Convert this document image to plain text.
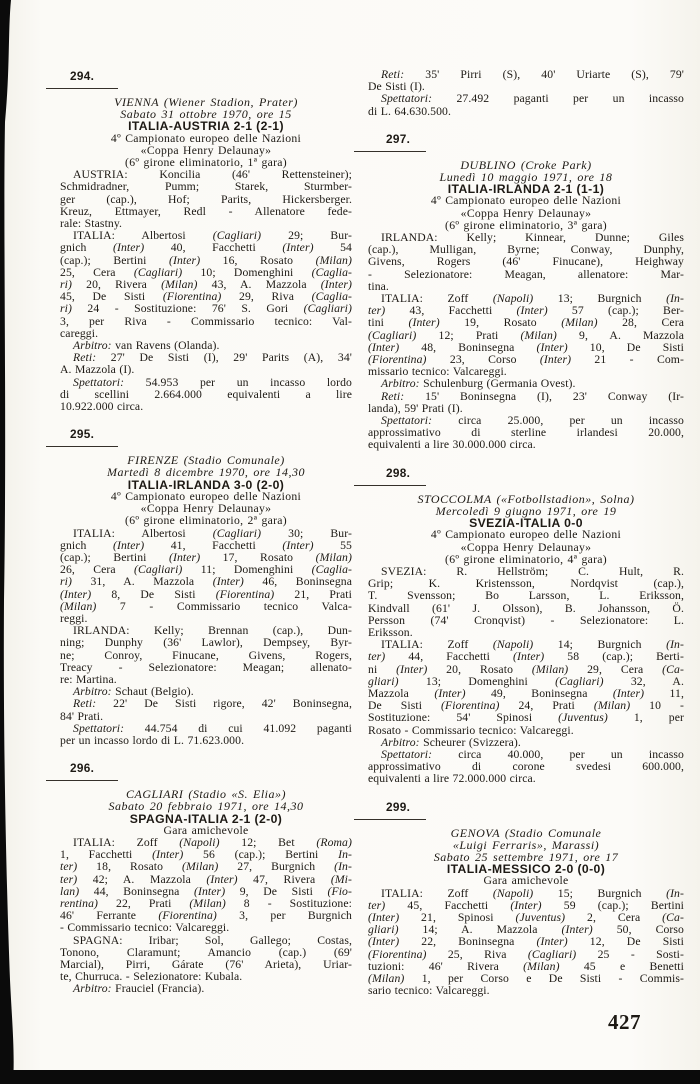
294.
VIENNA (Wiener Stadion, Prater)
Sabato 31 ottobre 1970, ore 15
ITALIA-AUSTRIA 2-1 (2-1)
4º Campionato europeo delle Nazioni
«Coppa Henry Delaunay»
(6º girone eliminatorio, 1ª gara)
AUSTRIA: Koncilia (46' Rettensteiner);
Schmidradner, Pumm; Starek, Sturmber-
ger (cap.), Hof; Parits, Hickersberger.
Kreuz, Ettmayer, Redl - Allenatore fede-
rale: Stastny.
ITALIA: Albertosi (Cagliari) 29; Bur-
gnich (Inter) 40, Facchetti (Inter) 54
(cap.); Bertini (Inter) 16, Rosato (Milan)
25, Cera (Cagliari) 10; Domenghini (Caglia-
ri) 20, Rivera (Milan) 43, A. Mazzola (Inter)
45, De Sisti (Fiorentina) 29, Riva (Caglia-
ri) 24 - Sostituzione: 76' S. Gori (Cagliari)
3, per Riva - Commissario tecnico: Val-
careggi.
Arbitro: van Ravens (Olanda).
Reti: 27' De Sisti (I), 29' Parits (A), 34'
A. Mazzola (I).
Spettatori: 54.953 per un incasso lordo
di scellini 2.664.000 equivalenti a lire
10.922.000 circa.
295.
FIRENZE (Stadio Comunale)
Martedì 8 dicembre 1970, ore 14,30
ITALIA-IRLANDA 3-0 (2-0)
4º Campionato europeo delle Nazioni
«Coppa Henry Delaunay»
(6º girone eliminatorio, 2ª gara)
ITALIA: Albertosi (Cagliari) 30; Bur-
gnich (Inter) 41, Facchetti (Inter) 55
(cap.); Bertini (Inter) 17, Rosato (Milan)
26, Cera (Cagliari) 11; Domenghini (Caglia-
ri) 31, A. Mazzola (Inter) 46, Boninsegna
(Inter) 8, De Sisti (Fiorentina) 21, Prati
(Milan) 7 - Commissario tecnico Valca-
reggi.
IRLANDA: Kelly; Brennan (cap.), Dun-
ning; Dunphy (36' Lawlor), Dempsey, Byr-
ne; Conroy, Finucane, Givens, Rogers,
Treacy - Selezionatore: Meagan; allenato-
re: Martina.
Arbitro: Schaut (Belgio).
Reti: 22' De Sisti rigore, 42' Boninsegna,
84' Prati.
Spettatori: 44.754 di cui 41.092 paganti
per un incasso lordo di L. 71.623.000.
296.
CAGLIARI (Stadio «S. Elia»)
Sabato 20 febbraio 1971, ore 14,30
SPAGNA-ITALIA 2-1 (2-0)
Gara amichevole
ITALIA: Zoff (Napoli) 12; Bet (Roma)
1, Facchetti (Inter) 56 (cap.); Bertini In-
ter) 18, Rosato (Milan) 27, Burgnich (In-
ter) 42; A. Mazzola (Inter) 47, Rivera (Mi-
lan) 44, Boninsegna (Inter) 9, De Sisti (Fio-
rentina) 22, Prati (Milan) 8 - Sostituzione:
46' Ferrante (Fiorentina) 3, per Burgnich
- Commissario tecnico: Valcareggi.
SPAGNA: Iribar; Sol, Gallego; Costas,
Tonono, Claramunt; Amancio (cap.) (69'
Marcial), Pirri, Gárate (76' Arieta), Uriar-
te, Churruca. - Selezionatore: Kubala.
Arbitro: Frauciel (Francia).
Reti: 35' Pirri (S), 40' Uriarte (S), 79'
De Sisti (I).
Spettatori: 27.492 paganti per un incasso
di L. 64.630.500.
297.
DUBLINO (Croke Park)
Lunedì 10 maggio 1971, ore 18
ITALIA-IRLANDA 2-1 (1-1)
4º Campionato europeo delle Nazioni
«Coppa Henry Delaunay»
(6º girone eliminatorio, 3ª gara)
IRLANDA: Kelly; Kinnear, Dunne; Giles
(cap.), Mulligan, Byrne; Conway, Dunphy,
Givens, Rogers (46' Finucane), Heighway
- Selezionatore: Meagan, allenatore: Mar-
tina.
ITALIA: Zoff (Napoli) 13; Burgnich (In-
ter) 43, Facchetti (Inter) 57 (cap.); Ber-
tini (Inter) 19, Rosato (Milan) 28, Cera
(Cagliari) 12; Prati (Milan) 9, A. Mazzola
(Inter) 48, Boninsegna (Inter) 10, De Sisti
(Fiorentina) 23, Corso (Inter) 21 - Com-
missario tecnico: Valcareggi.
Arbitro: Schulenburg (Germania Ovest).
Reti: 15' Boninsegna (I), 23' Conway (Ir-
landa), 59' Prati (I).
Spettatori: circa 25.000, per un incasso
approssimativo di sterline irlandesi 20.000,
equivalenti a lire 30.000.000 circa.
298.
STOCCOLMA («Fotbollstadion», Solna)
Mercoledì 9 giugno 1971, ore 19
SVEZIA-ITALIA 0-0
4º Campionato europeo delle Nazioni
«Coppa Henry Delaunay»
(6º girone eliminatorio, 4ª gara)
SVEZIA: R. Hellström; C. Hult, R.
Grip; K. Kristensson, Nordqvist (cap.),
T. Svensson; Bo Larsson, L. Eriksson,
Kindvall (61' J. Olsson), B. Johansson, Ö.
Persson (74' Cronqvist) - Selezionatore: L.
Eriksson.
ITALIA: Zoff (Napoli) 14; Burgnich (In-
ter) 44, Facchetti (Inter) 58 (cap.); Berti-
ni (Inter) 20, Rosato (Milan) 29, Cera (Ca-
gliari) 13; Domenghini (Cagliari) 32, A.
Mazzola (Inter) 49, Boninsegna (Inter) 11,
De Sisti (Fiorentina) 24, Prati (Milan) 10 -
Sostituzione: 54' Spinosi (Juventus) 1, per
Rosato - Commissario tecnico: Valcareggi.
Arbitro: Scheurer (Svizzera).
Spettatori: circa 40.000, per un incasso
approssimativo di corone svedesi 600.000,
equivalenti a lire 72.000.000 circa.
299.
GENOVA (Stadio Comunale
«Luigi Ferraris», Marassi)
Sabato 25 settembre 1971, ore 17
ITALIA-MESSICO 2-0 (0-0)
Gara amichevole
ITALIA: Zoff (Napoli) 15; Burgnich (In-
ter) 45, Facchetti (Inter) 59 (cap.); Bertini
(Inter) 21, Spinosi (Juventus) 2, Cera (Ca-
gliari) 14; A. Mazzola (Inter) 50, Corso
(Inter) 22, Boninsegna (Inter) 12, De Sisti
(Fiorentina) 25, Riva (Cagliari) 25 - Sosti-
tuzioni: 46' Rivera (Milan) 45 e Benetti
(Milan) 1, per Corso e De Sisti - Commis-
sario tecnico: Valcareggi.
427
